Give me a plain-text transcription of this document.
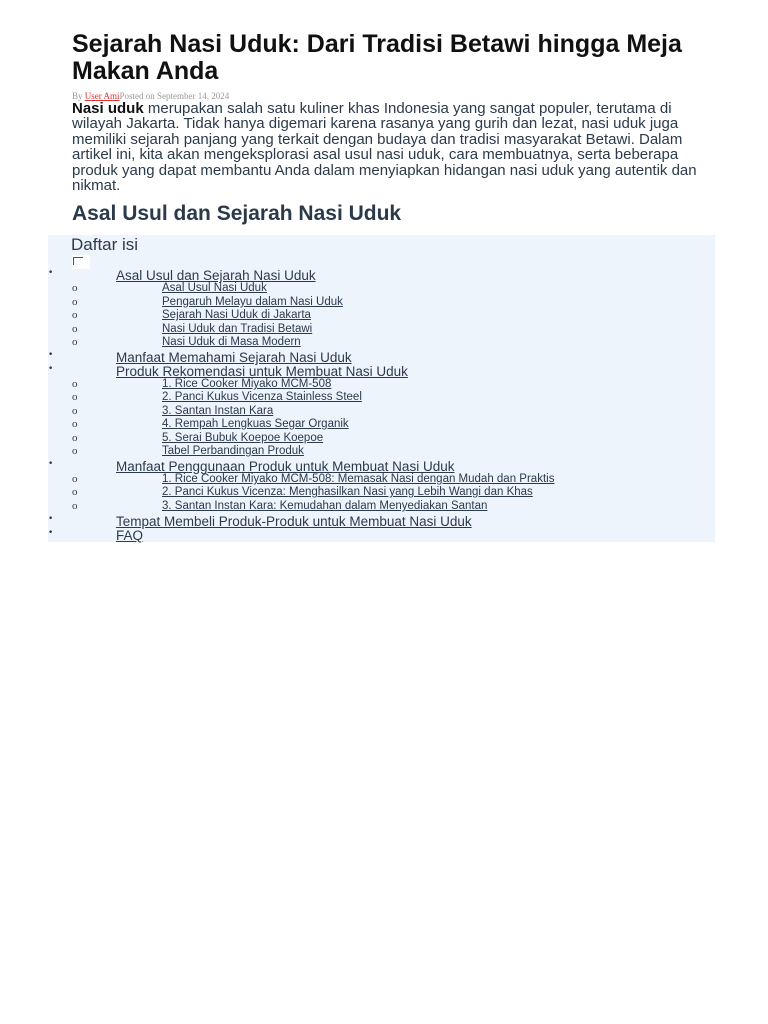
Sejarah Nasi Uduk: Dari Tradisi Betawi hingga Meja Makan Anda
By User AmiPosted on September 14, 2024

Nasi uduk merupakan salah satu kuliner khas Indonesia yang sangat populer, terutama di wilayah Jakarta. Tidak hanya digemari karena rasanya yang gurih dan lezat, nasi uduk juga memiliki sejarah panjang yang terkait dengan budaya dan tradisi masyarakat Betawi. Dalam artikel ini, kita akan mengeksplorasi asal usul nasi uduk, cara membuatnya, serta beberapa produk yang dapat membantu Anda dalam menyiapkan hidangan nasi uduk yang autentik dan nikmat.

Asal Usul dan Sejarah Nasi Uduk
Daftar isi
•	Asal Usul dan Sejarah Nasi Uduk
o	Asal Usul Nasi Uduk
o	Pengaruh Melayu dalam Nasi Uduk
o	Sejarah Nasi Uduk di Jakarta
o	Nasi Uduk dan Tradisi Betawi
o	Nasi Uduk di Masa Modern
•	Manfaat Memahami Sejarah Nasi Uduk
•	Produk Rekomendasi untuk Membuat Nasi Uduk
o	1. Rice Cooker Miyako MCM-508
o	2. Panci Kukus Vicenza Stainless Steel
o	3. Santan Instan Kara
o	4. Rempah Lengkuas Segar Organik
o	5. Serai Bubuk Koepoe Koepoe
o	Tabel Perbandingan Produk
•	Manfaat Penggunaan Produk untuk Membuat Nasi Uduk
o	1. Rice Cooker Miyako MCM-508: Memasak Nasi dengan Mudah dan Praktis
o	2. Panci Kukus Vicenza: Menghasilkan Nasi yang Lebih Wangi dan Khas
o	3. Santan Instan Kara: Kemudahan dalam Menyediakan Santan
•	Tempat Membeli Produk-Produk untuk Membuat Nasi Uduk
•	FAQ
